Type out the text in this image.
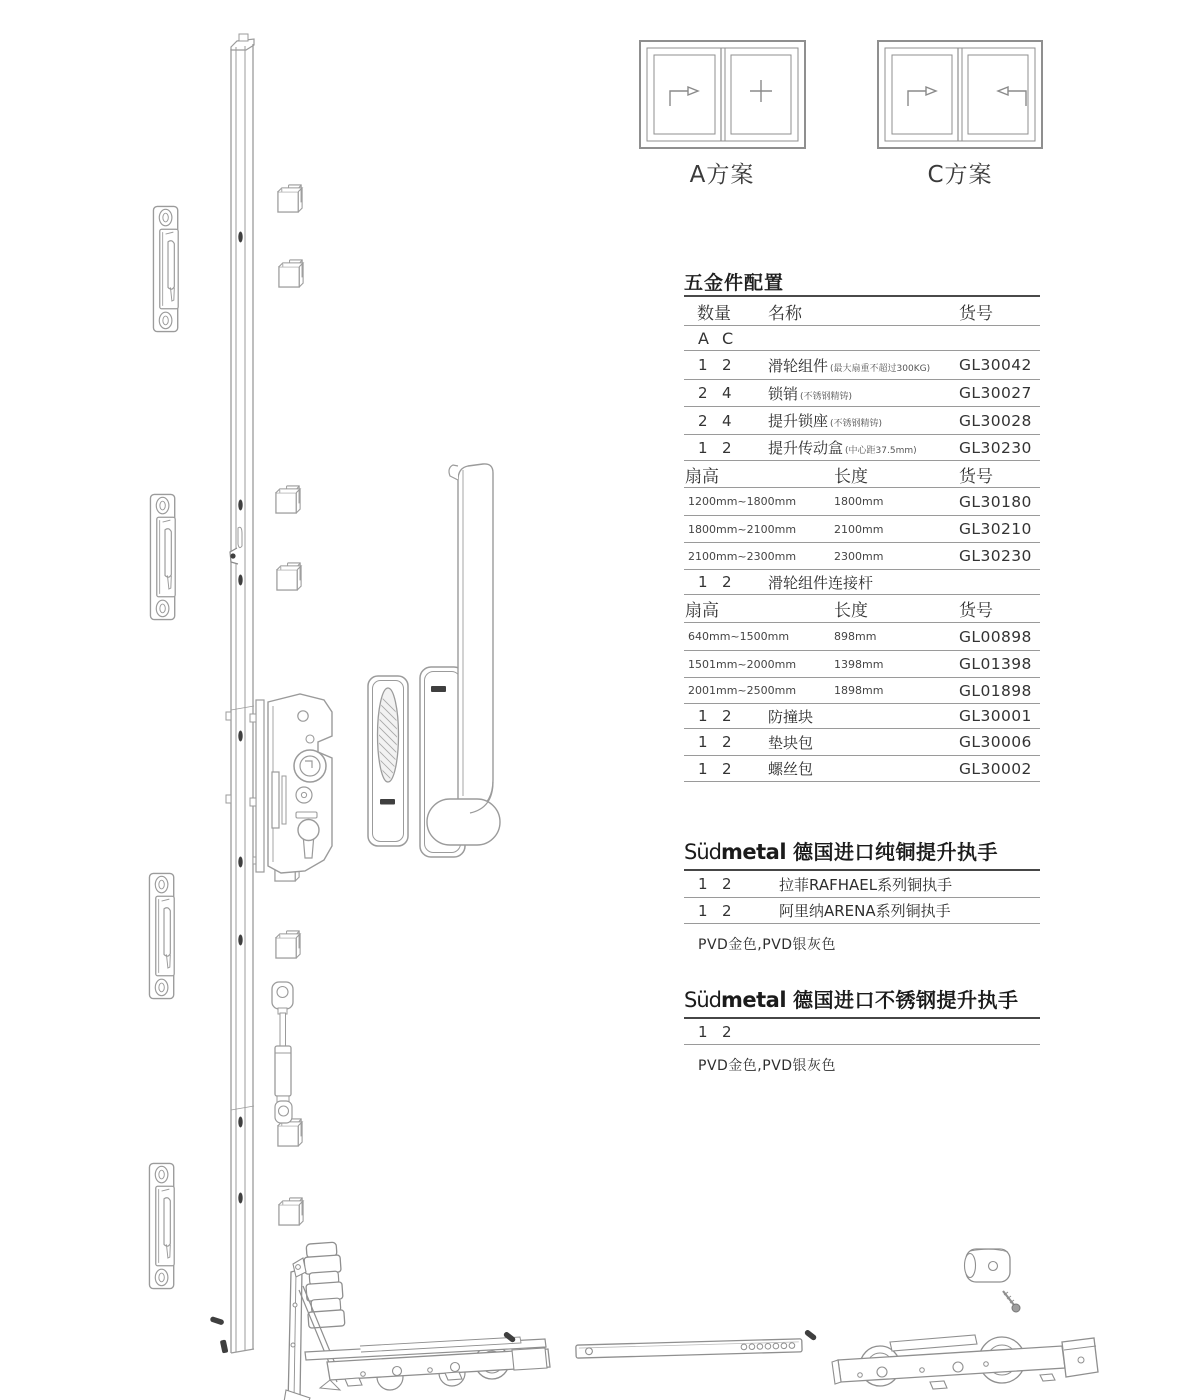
A方案	C方案
五金件配置
数量	名称	货号
A C
1 2	滑轮组件 (最大扇重不超过300KG)	GL30042
2 4	锁销 (不锈钢精铸)	GL30027
2 4	提升锁座 (不锈钢精铸)	GL30028
1 2	提升传动盒 (中心距37.5mm)	GL30230
扇高	长度	货号
1200mm~1800mm	1800mm	GL30180
1800mm~2100mm	2100mm	GL30210
2100mm~2300mm	2300mm	GL30230
1 2	滑轮组件连接杆
扇高	长度	货号
640mm~1500mm	898mm	GL00898
1501mm~2000mm	1398mm	GL01398
2001mm~2500mm	1898mm	GL01898
1 2	防撞块	GL30001
1 2	垫块包	GL30006
1 2	螺丝包	GL30002
Süd metal 德国进口纯铜提升执手
1 2	拉菲RAFHAEL系列铜执手
1 2	阿里纳ARENA系列铜执手
PVD金色,PVD银灰色
Süd metal 德国进口不锈钢提升执手
1 2
PVD金色,PVD银灰色
